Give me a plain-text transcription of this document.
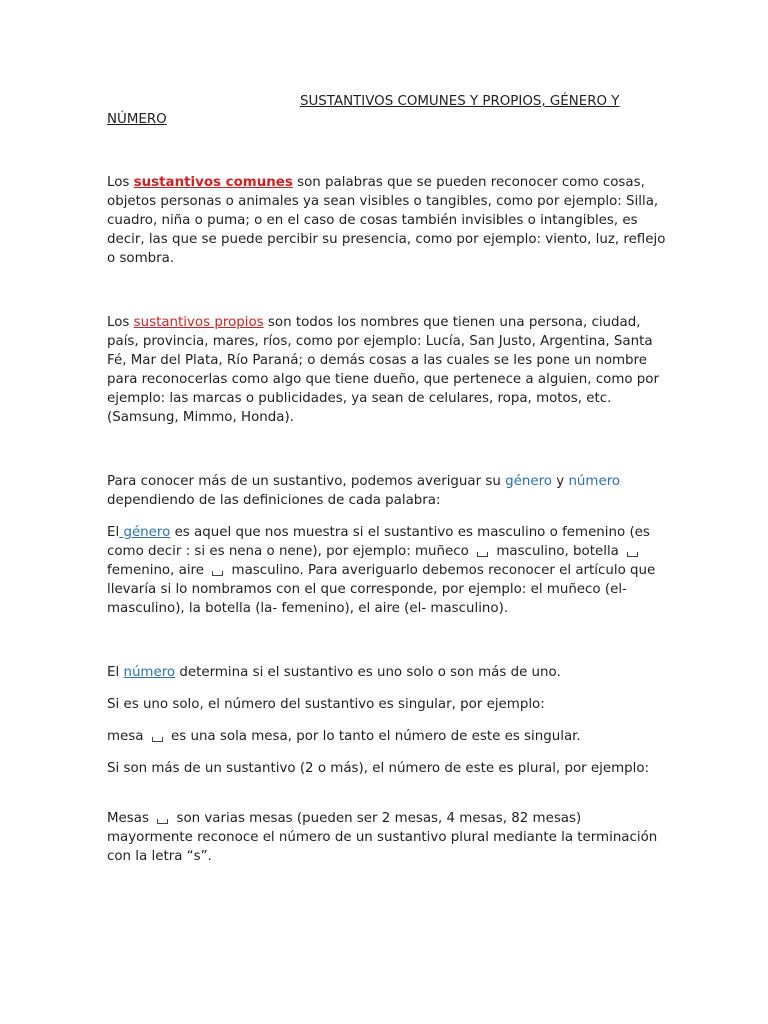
SUSTANTIVOS COMUNES Y PROPIOS, GÉNERO Y
NÚMERO

Los sustantivos comunes son palabras que se pueden reconocer como cosas, objetos personas o animales ya sean visibles o tangibles, como por ejemplo: Silla, cuadro, niña o puma; o en el caso de cosas también invisibles o intangibles, es decir, las que se puede percibir su presencia, como por ejemplo: viento, luz, reflejo o sombra.

Los sustantivos propios son todos los nombres que tienen una persona, ciudad, país, provincia, mares, ríos, como por ejemplo: Lucía, San Justo, Argentina, Santa Fé, Mar del Plata, Río Paraná; o demás cosas a las cuales se les pone un nombre para reconocerlas como algo que tiene dueño, que pertenece a alguien, como por ejemplo: las marcas o publicidades, ya sean de celulares, ropa, motos, etc.(Samsung, Mimmo, Honda).

Para conocer más de un sustantivo, podemos averiguar su género y número dependiendo de las definiciones de cada palabra:

El género es aquel que nos muestra si el sustantivo es masculino o femenino (es como decir : si es nena o nene), por ejemplo: muñeco  masculino, botella  femenino, aire  masculino. Para averiguarlo debemos reconocer el artículo que llevaría si lo nombramos con el que corresponde, por ejemplo: el muñeco (el- masculino), la botella (la- femenino), el aire (el- masculino).

El número determina si el sustantivo es uno solo o son más de uno.

Si es uno solo, el número del sustantivo es singular, por ejemplo:

mesa  es una sola mesa, por lo tanto el número de este es singular.

Si son más de un sustantivo (2 o más), el número de este es plural, por ejemplo:

Mesas  son varias mesas (pueden ser 2 mesas, 4 mesas, 82 mesas) mayormente reconoce el número de un sustantivo plural mediante la terminación con la letra “s”.
